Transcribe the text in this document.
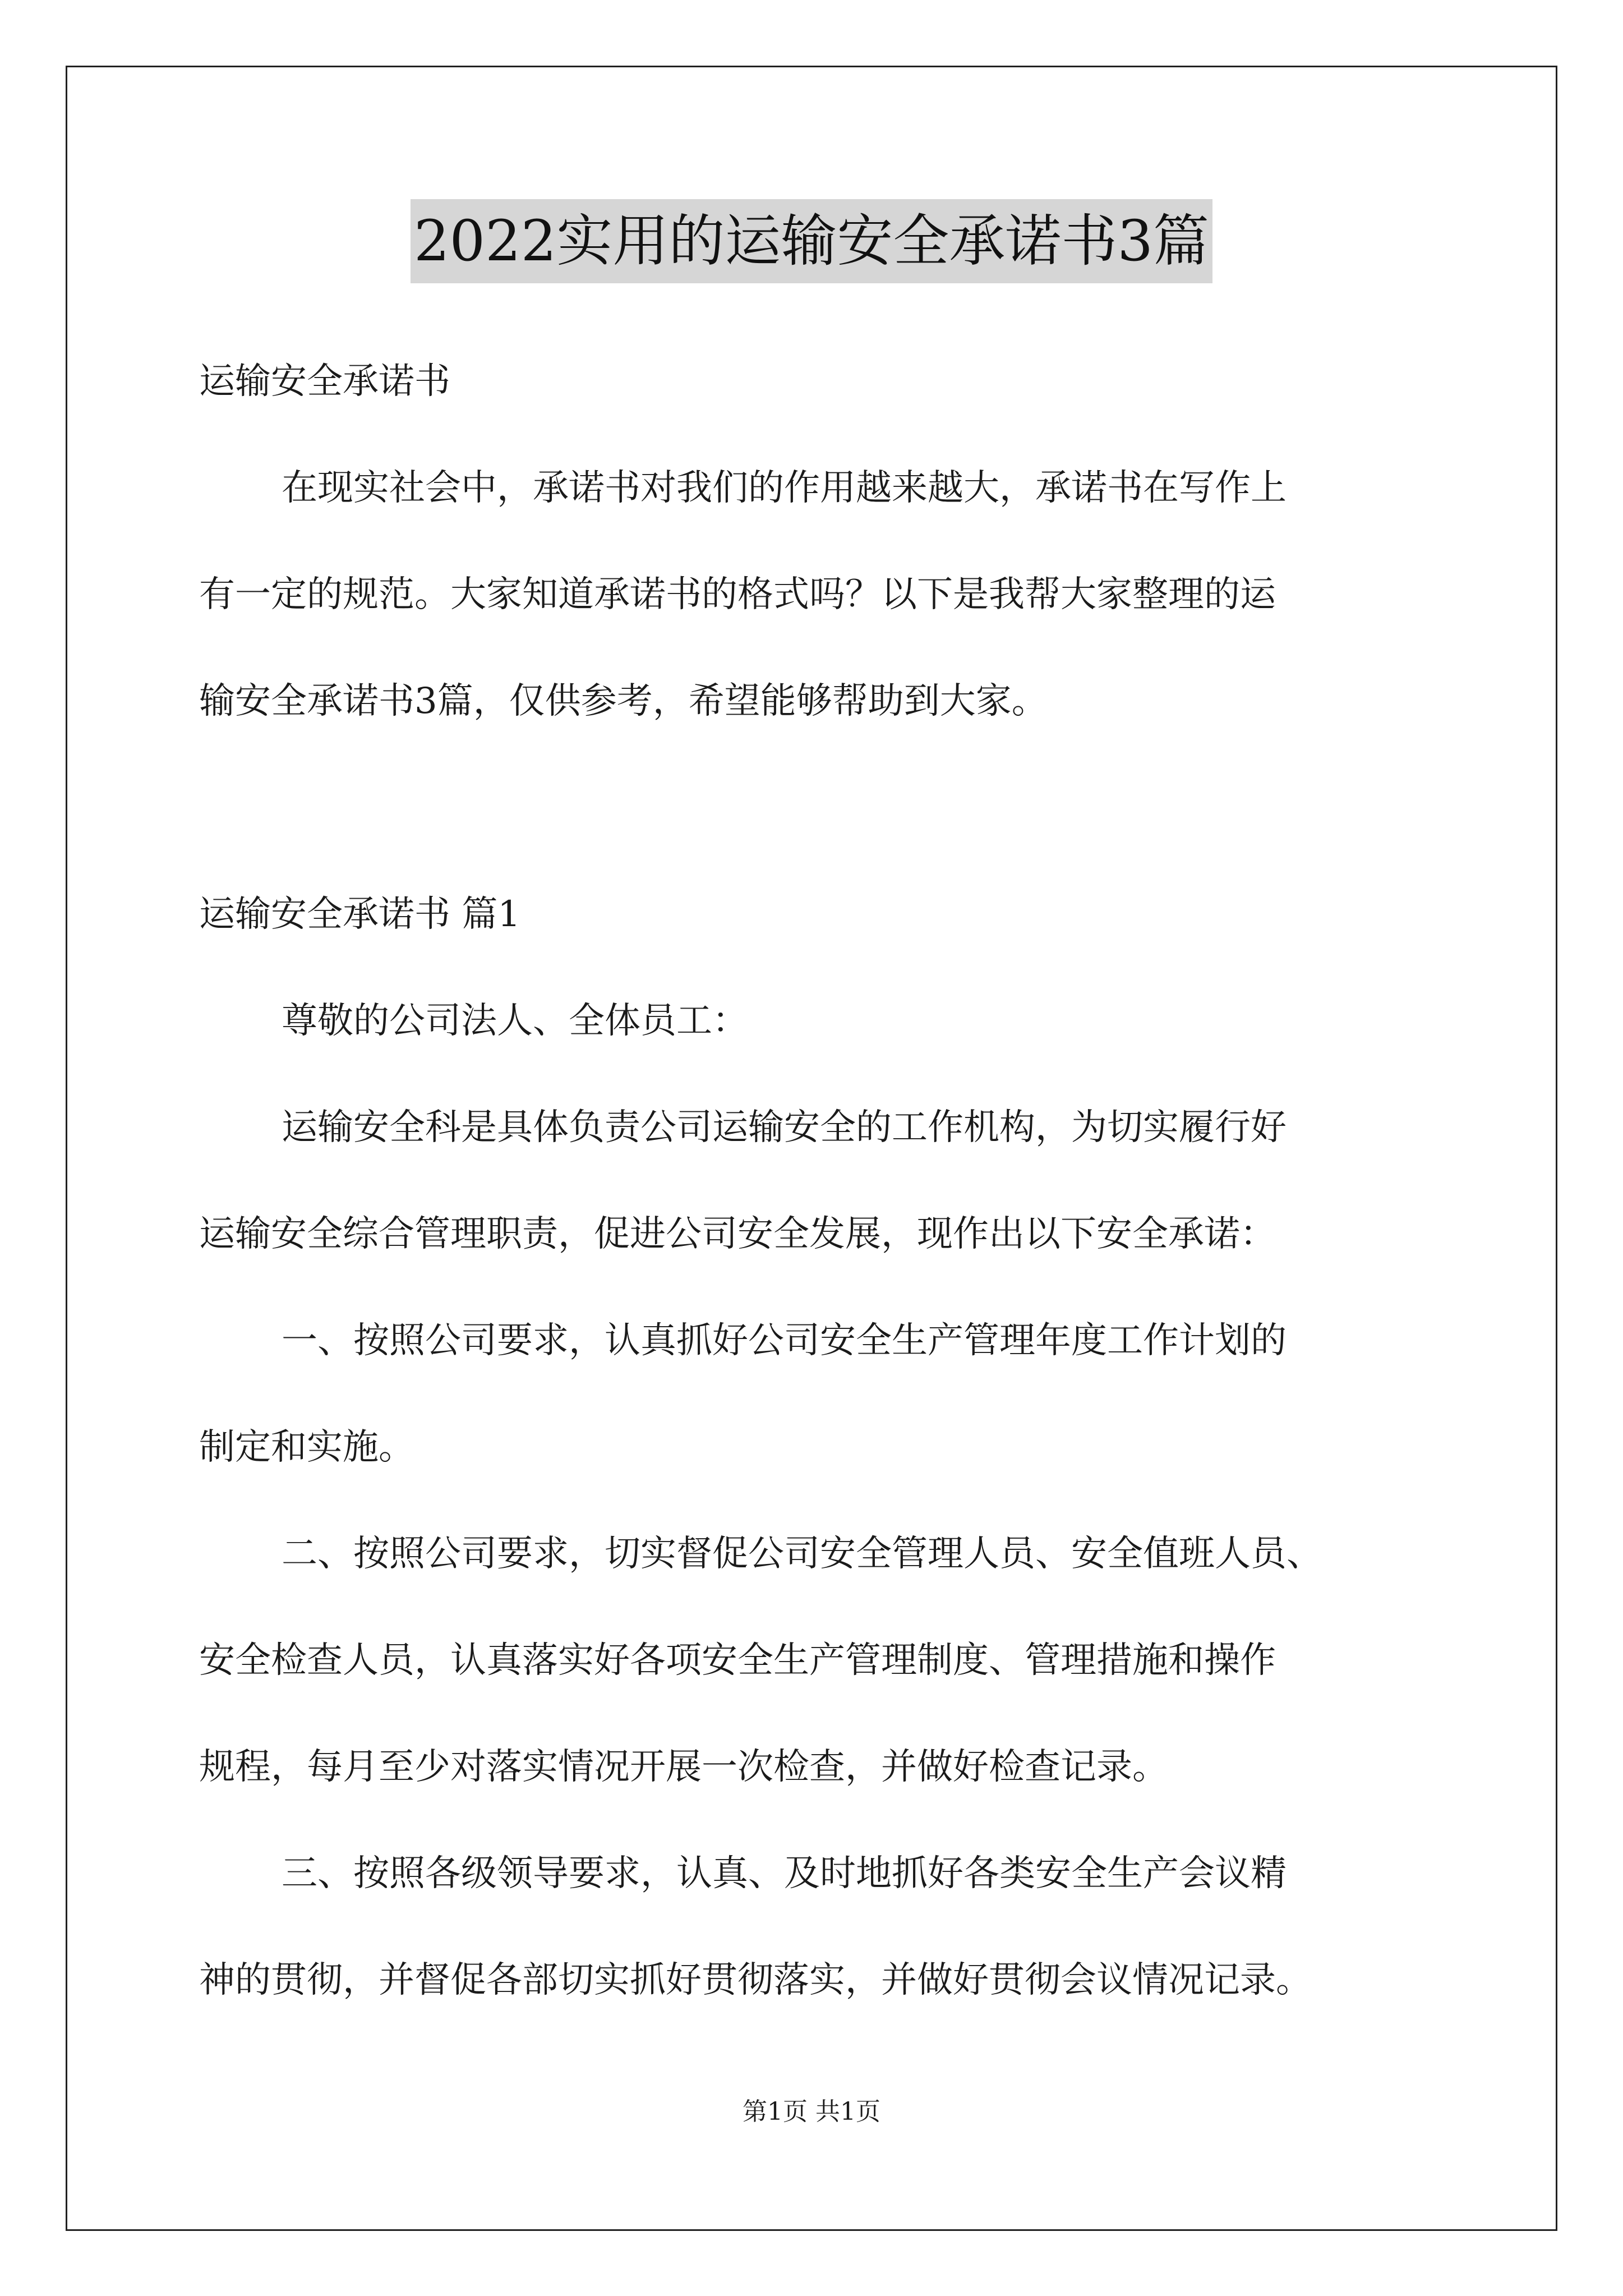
2022实用的运输安全承诺书3篇
运输安全承诺书
在现实社会中，承诺书对我们的作用越来越大，承诺书在写作上
有一定的规范。大家知道承诺书的格式吗？以下是我帮大家整理的运
输安全承诺书3篇，仅供参考，希望能够帮助到大家。
运输安全承诺书 篇1
尊敬的公司法人、全体员工：
运输安全科是具体负责公司运输安全的工作机构，为切实履行好
运输安全综合管理职责，促进公司安全发展，现作出以下安全承诺：
一、按照公司要求，认真抓好公司安全生产管理年度工作计划的
制定和实施。
二、按照公司要求，切实督促公司安全管理人员、安全值班人员、
安全检查人员，认真落实好各项安全生产管理制度、管理措施和操作
规程，每月至少对落实情况开展一次检查，并做好检查记录。
三、按照各级领导要求，认真、及时地抓好各类安全生产会议精
神的贯彻，并督促各部切实抓好贯彻落实，并做好贯彻会议情况记录。
第1页 共1页
